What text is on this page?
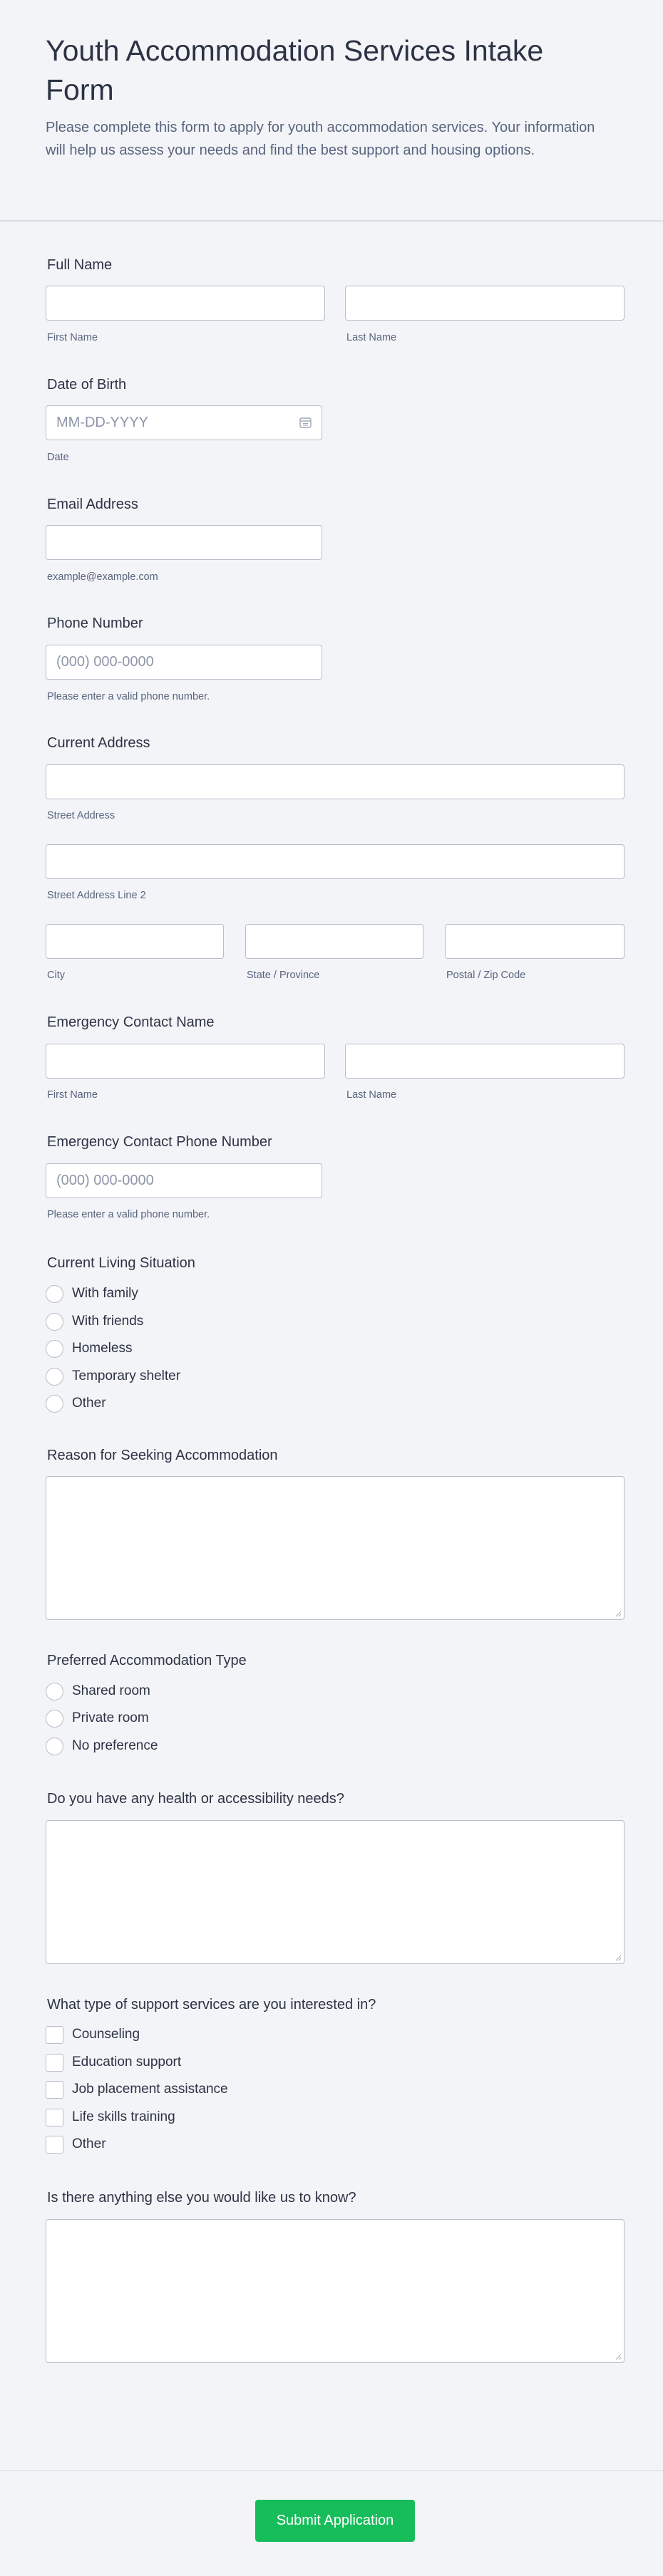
Youth Accommodation Services Intake Form

Please complete this form to apply for youth accommodation services. Your information will help us assess your needs and find the best support and housing options.

Full Name
First Name	Last Name
Date of Birth
MM-DD-YYYY
Date
Email Address
example@example.com
Phone Number
(000) 000-0000
Please enter a valid phone number.
Current Address
Street Address
Street Address Line 2
City	State / Province	Postal / Zip Code
Emergency Contact Name
First Name	Last Name
Emergency Contact Phone Number
(000) 000-0000
Please enter a valid phone number.
Current Living Situation
With family
With friends
Homeless
Temporary shelter
Other
Reason for Seeking Accommodation
Preferred Accommodation Type
Shared room
Private room
No preference
Do you have any health or accessibility needs?
What type of support services are you interested in?
Counseling
Education support
Job placement assistance
Life skills training
Other
Is there anything else you would like us to know?
Submit Application
